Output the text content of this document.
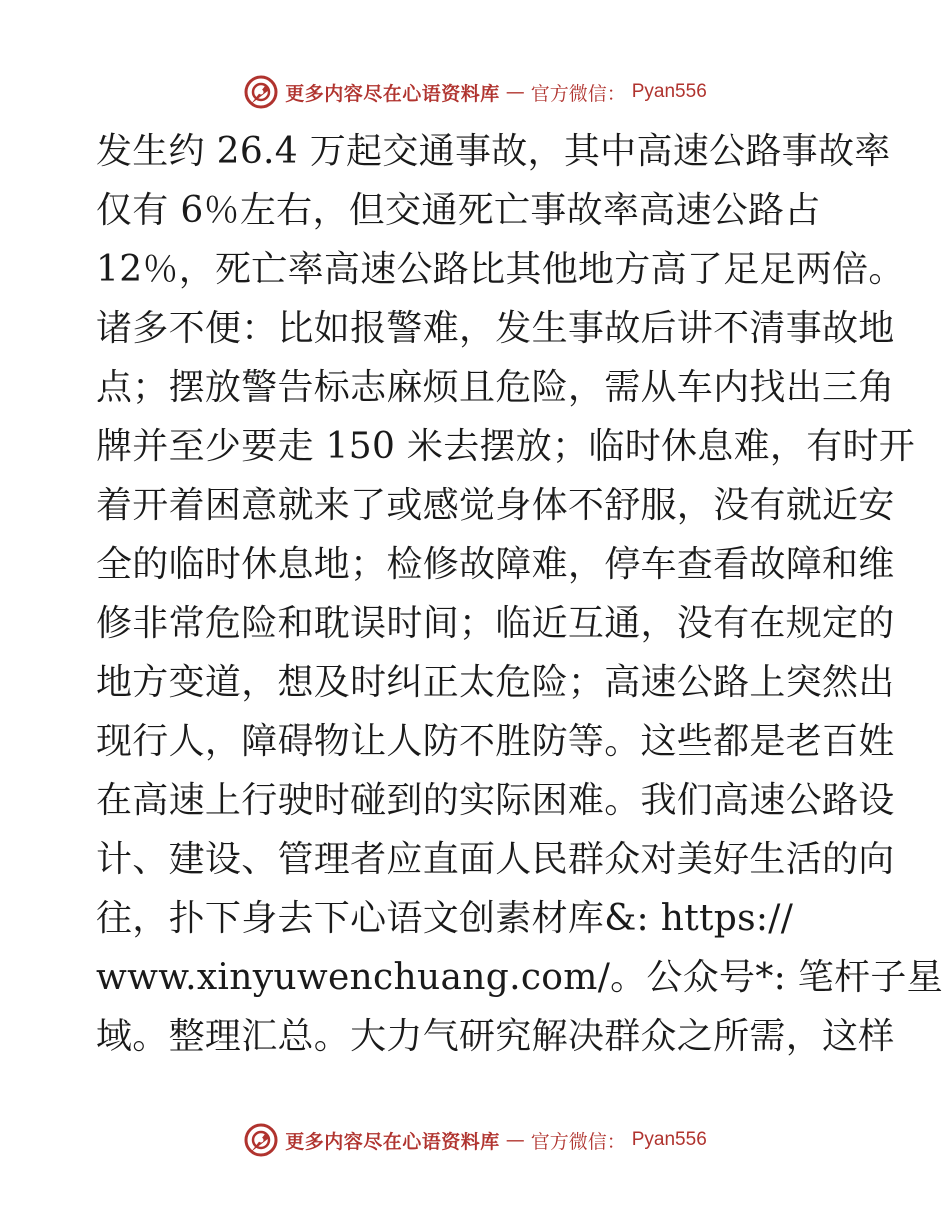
更多内容尽在心语资料库 — 官方微信： Pyan556
发生约 26.4 万起交通事故，其中高速公路事故率
仅有 6％左右，但交通死亡事故率高速公路占
12％，死亡率高速公路比其他地方高了足足两倍。
诸多不便：比如报警难，发生事故后讲不清事故地
点；摆放警告标志麻烦且危险，需从车内找出三角
牌并至少要走 150 米去摆放；临时休息难，有时开
着开着困意就来了或感觉身体不舒服，没有就近安
全的临时休息地；检修故障难，停车查看故障和维
修非常危险和耽误时间；临近互通，没有在规定的
地方变道，想及时纠正太危险；高速公路上突然出
现行人，障碍物让人防不胜防等。这些都是老百姓
在高速上行驶时碰到的实际困难。我们高速公路设
计、建设、管理者应直面人民群众对美好生活的向
往，扑下身去下心语文创素材库&: https://
www.xinyuwenchuang.com/。公众号*: 笔杆子星
域。整理汇总。大力气研究解决群众之所需，这样
更多内容尽在心语资料库 — 官方微信： Pyan556
